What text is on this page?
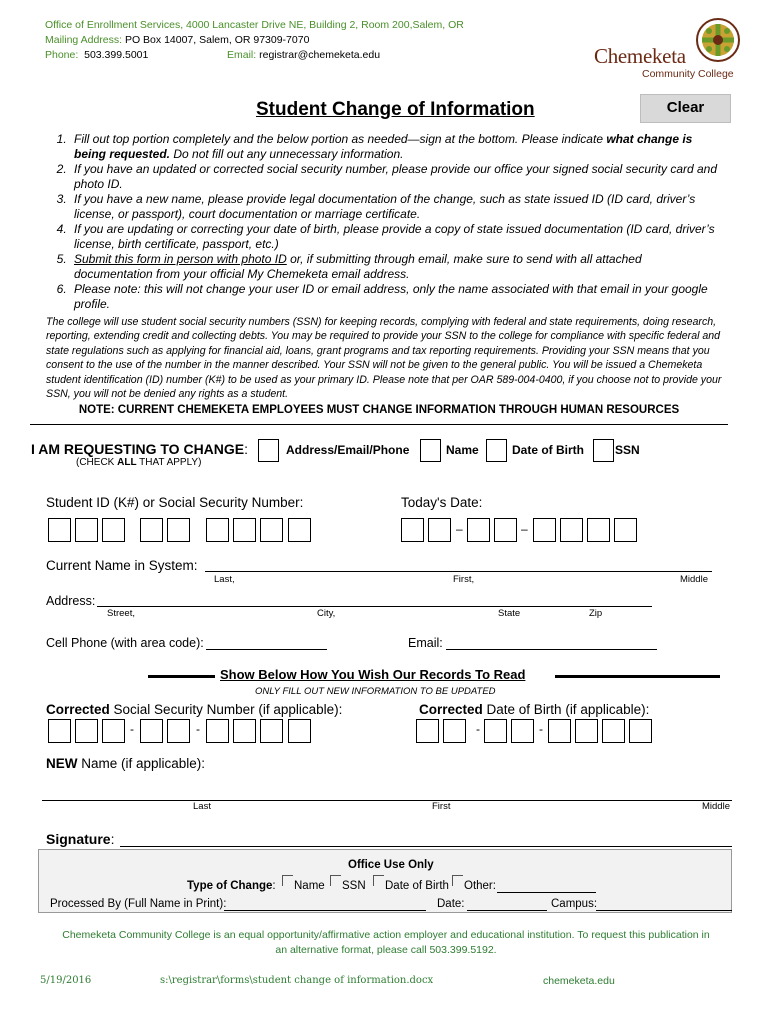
Office of Enrollment Services, 4000 Lancaster Drive NE, Building 2, Room 200,Salem, OR
Mailing Address: PO Box 14007, Salem, OR 97309-7070
Phone: 503.399.5001	Email: registrar@chemeketa.edu	Chemeketa
Community College
Student Change of Information	Clear
1. Fill out top portion completely and the below portion as needed—sign at the bottom. Please indicate what change is being requested. Do not fill out any unnecessary information.
2. If you have an updated or corrected social security number, please provide our office your signed social security card and photo ID.
3. If you have a new name, please provide legal documentation of the change, such as state issued ID (ID card, driver’s license, or passport), court documentation or marriage certificate.
4. If you are updating or correcting your date of birth, please provide a copy of state issued documentation (ID card, driver’s license, birth certificate, passport, etc.)
5. Submit this form in person with photo ID or, if submitting through email, make sure to send with all attached documentation from your official My Chemeketa email address.
6. Please note: this will not change your user ID or email address, only the name associated with that email in your google profile.
The college will use student social security numbers (SSN) for keeping records, complying with federal and state requirements, doing research, reporting, extending credit and collecting debts. You may be required to provide your SSN to the college for compliance with specific federal and state regulations such as applying for financial aid, loans, grant programs and tax reporting requirements. Providing your SSN means that you consent to the use of the number in the manner described. Your SSN will not be given to the general public. You will be issued a Chemeketa student identification (ID) number (K#) to be used as your primary ID. Please note that per OAR 589-004-0400, if you choose not to provide your SSN, you will not be denied any rights as a student.
NOTE: CURRENT CHEMEKETA EMPLOYEES MUST CHANGE INFORMATION THROUGH HUMAN RESOURCES
I AM REQUESTING TO CHANGE:
(CHECK ALL THAT APPLY)
Address/Email/Phone	Name	Date of Birth	SSN
Student ID (K#) or Social Security Number:	Today's Date:
–	–
Current Name in System:
Last,	First,	Middle
Address:
Street,	City,	State	Zip
Cell Phone (with area code):	Email:
Show Below How You Wish Our Records To Read
ONLY FILL OUT NEW INFORMATION TO BE UPDATED
Corrected Social Security Number (if applicable):	Corrected Date of Birth (if applicable):
-	-	-	-
NEW Name (if applicable):
Last	First	Middle
Signature:
Office Use Only
Type of Change: Name SSN Date of Birth Other:
Processed By (Full Name in Print):	Date:	Campus:
Chemeketa Community College is an equal opportunity/affirmative action employer and educational institution. To request this publication in an alternative format, please call 503.399.5192.
5/19/2016	s:\registrar\forms\student change of information.docx	chemeketa.edu
